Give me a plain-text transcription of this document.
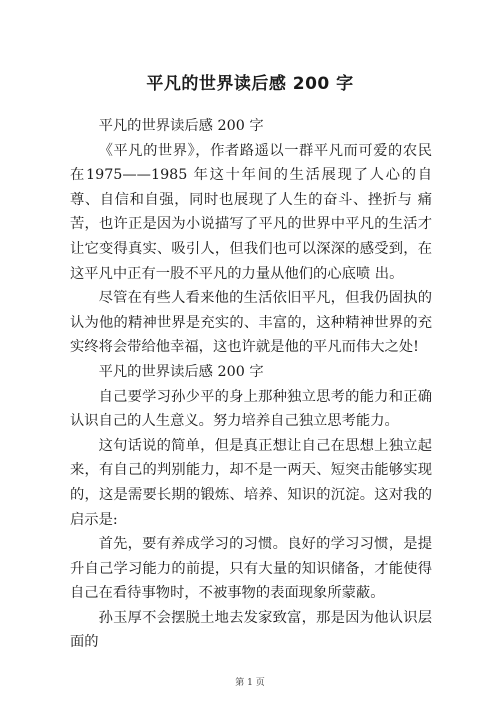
平凡的世界读后感 200 字

平凡的世界读后感 200 字

《平凡的世界》，作者路遥以一群平凡而可爱的农民在1975——1985 年这十年间的生活展现了人心的自尊、自信和自强，同时也展现了人生的奋斗、挫折与 痛苦，也许正是因为小说描写了平凡的世界中平凡的生活才让它变得真实、吸引人，但我们也可以深深的感受到，在这平凡中正有一股不平凡的力量从他们的心底喷 出。

尽管在有些人看来他的生活依旧平凡，但我仍固执的认为他的精神世界是充实的、丰富的，这种精神世界的充实终将会带给他幸福，这也许就是他的平凡而伟大之处!

平凡的世界读后感 200 字

自己要学习孙少平的身上那种独立思考的能力和正确认识自己的人生意义。努力培养自己独立思考能力。

这句话说的简单，但是真正想让自己在思想上独立起来，有自己的判别能力，却不是一两天、短突击能够实现的，这是需要长期的锻炼、培养、知识的沉淀。这对我的启示是:

首先，要有养成学习的习惯。良好的学习习惯，是提升自己学习能力的前提，只有大量的知识储备，才能使得自己在看待事物时，不被事物的表面现象所蒙蔽。

孙玉厚不会摆脱土地去发家致富，那是因为他认识层面的

第 1 页
